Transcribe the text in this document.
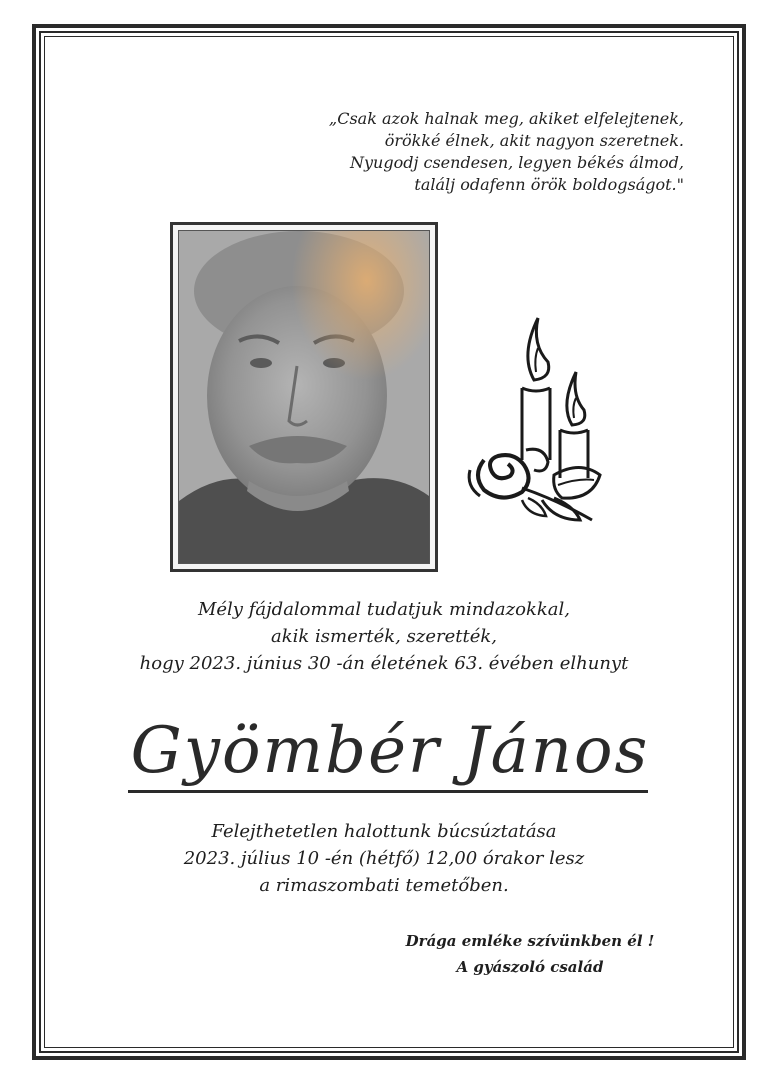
„Csak azok halnak meg, akiket elfelejtenek,
örökké élnek, akit nagyon szeretnek.
Nyugodj csendesen, legyen békés álmod,
találj odafenn örök boldogságot."
Mély fájdalommal tudatjuk mindazokkal,
akik ismerték, szerették,
hogy 2023. június 30 -án életének 63. évében elhunyt
Gyömbér János
Felejthetetlen halottunk búcsúztatása
2023. július 10 -én (hétfő) 12,00 órakor lesz
a rimaszombati temetőben.
Drága emléke szívünkben él !
A gyászoló család
